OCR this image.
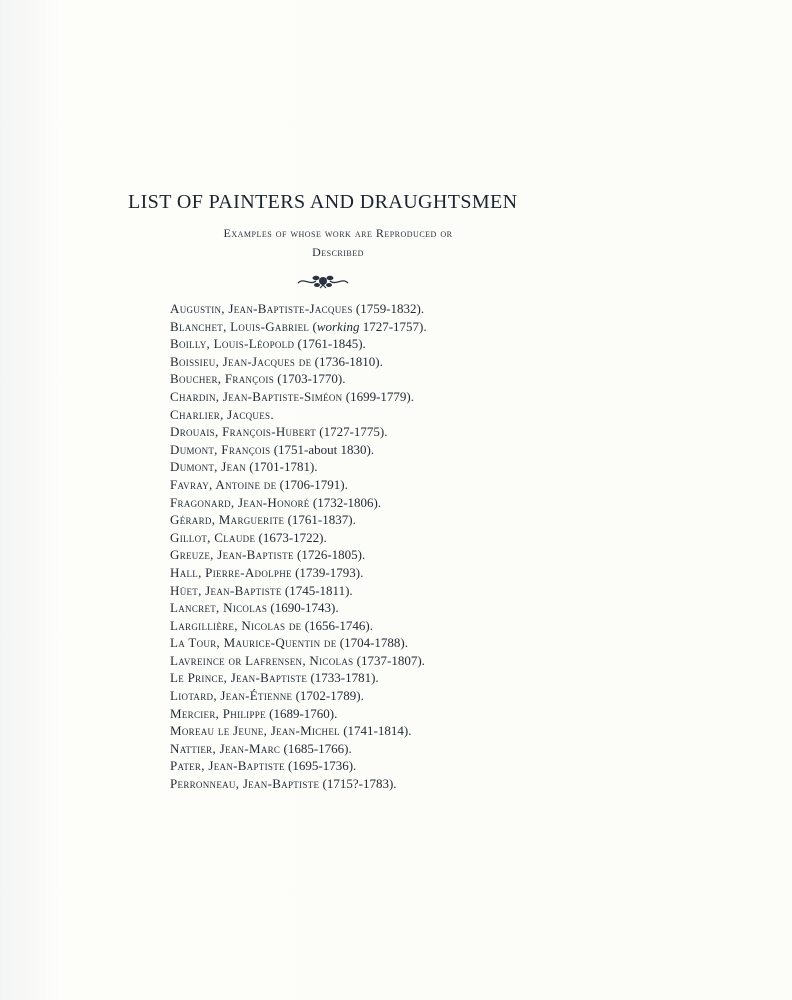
LIST OF PAINTERS AND DRAUGHTSMEN
Examples of whose work are Reproduced or
Described
Augustin, Jean-Baptiste-Jacques (1759-1832).
Blanchet, Louis-Gabriel (working 1727-1757).
Boilly, Louis-Léopold (1761-1845).
Boissieu, Jean-Jacques de (1736-1810).
Boucher, François (1703-1770).
Chardin, Jean-Baptiste-Siméon (1699-1779).
Charlier, Jacques.
Drouais, François-Hubert (1727-1775).
Dumont, François (1751-about 1830).
Dumont, Jean (1701-1781).
Favray, Antoine de (1706-1791).
Fragonard, Jean-Honoré (1732-1806).
Gérard, Marguerite (1761-1837).
Gillot, Claude (1673-1722).
Greuze, Jean-Baptiste (1726-1805).
Hall, Pierre-Adolphe (1739-1793).
Hüet, Jean-Baptiste (1745-1811).
Lancret, Nicolas (1690-1743).
Largillière, Nicolas de (1656-1746).
La Tour, Maurice-Quentin de (1704-1788).
Lavreince or Lafrensen, Nicolas (1737-1807).
Le Prince, Jean-Baptiste (1733-1781).
Liotard, Jean-Étienne (1702-1789).
Mercier, Philippe (1689-1760).
Moreau le Jeune, Jean-Michel (1741-1814).
Nattier, Jean-Marc (1685-1766).
Pater, Jean-Baptiste (1695-1736).
Perronneau, Jean-Baptiste (1715?-1783).
